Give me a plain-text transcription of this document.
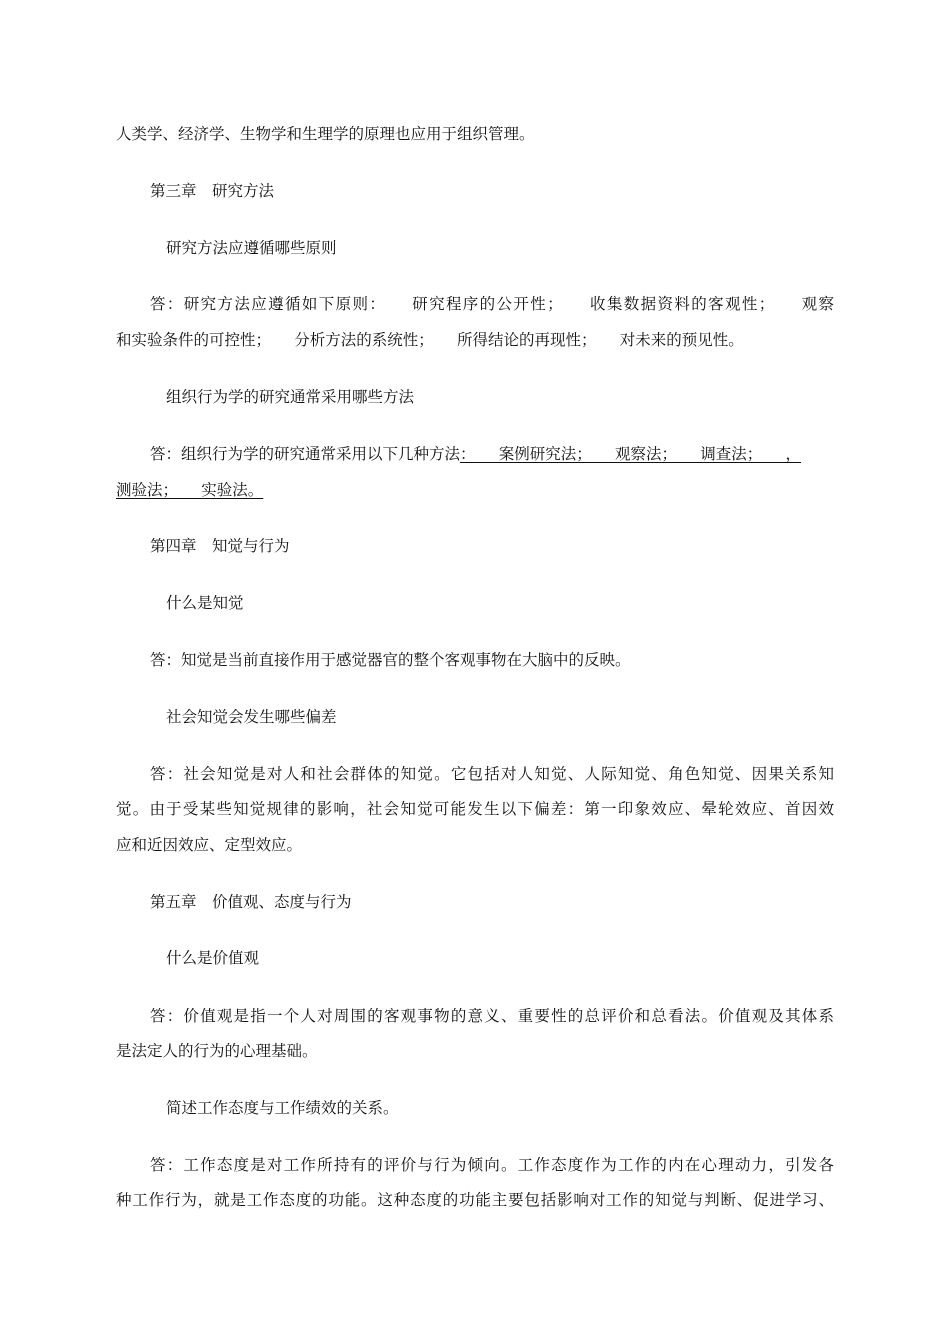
人类学、经济学、生物学和生理学的原理也应用于组织管理。
第三章　研究方法
研究方法应遵循哪些原则
答：研究方法应遵循如下原则：　　研究程序的公开性；　　收集数据资料的客观性；　　观察
和实验条件的可控性；　　分析方法的系统性；　　所得结论的再现性；　　对未来的预见性。
组织行为学的研究通常采用哪些方法
答：组织行为学的研究通常采用以下几种方法：　　案例研究法；　　观察法；　　调查法；　　，
测验法；　　实验法。
第四章　知觉与行为
什么是知觉
答：知觉是当前直接作用于感觉器官的整个客观事物在大脑中的反映。
社会知觉会发生哪些偏差
答：社会知觉是对人和社会群体的知觉。它包括对人知觉、人际知觉、角色知觉、因果关系知
觉。由于受某些知觉规律的影响，社会知觉可能发生以下偏差：第一印象效应、晕轮效应、首因效
应和近因效应、定型效应。
第五章　价值观、态度与行为
什么是价值观
答：价值观是指一个人对周围的客观事物的意义、重要性的总评价和总看法。价值观及其体系
是法定人的行为的心理基础。
简述工作态度与工作绩效的关系。
答：工作态度是对工作所持有的评价与行为倾向。工作态度作为工作的内在心理动力，引发各
种工作行为，就是工作态度的功能。这种态度的功能主要包括影响对工作的知觉与判断、促进学习、
